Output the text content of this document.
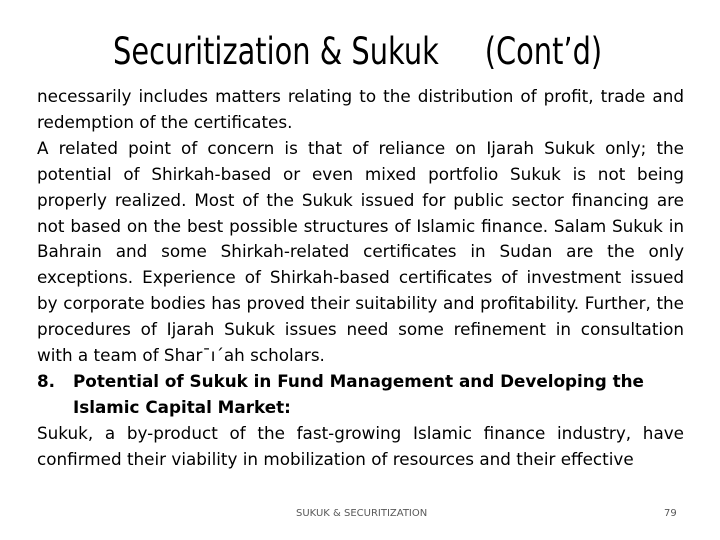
Securitization & Sukuk     (Cont’d)

necessarily includes matters relating to the distribution of profit, trade and redemption of the certificates.

A related point of concern is that of reliance on Ijarah Sukuk only; the potential of Shirkah-based or even mixed portfolio Sukuk is not being properly realized. Most of the Sukuk issued for public sector financing are not based on the best possible structures of Islamic finance. Salam Sukuk in Bahrain and some Shirkah-related certificates in Sudan are the only exceptions. Experience of Shirkah-based certificates of investment issued by corporate bodies has proved their suitability and profitability. Further, the procedures of Ijarah Sukuk issues need some refinement in consultation with a team of Shar¯ı´ah scholars.

8.	Potential of Sukuk in Fund Management and Developing the Islamic Capital Market:

Sukuk, a by-product of the fast-growing Islamic finance industry, have confirmed their viability in mobilization of resources and their effective

SUKUK & SECURITIZATION	79
